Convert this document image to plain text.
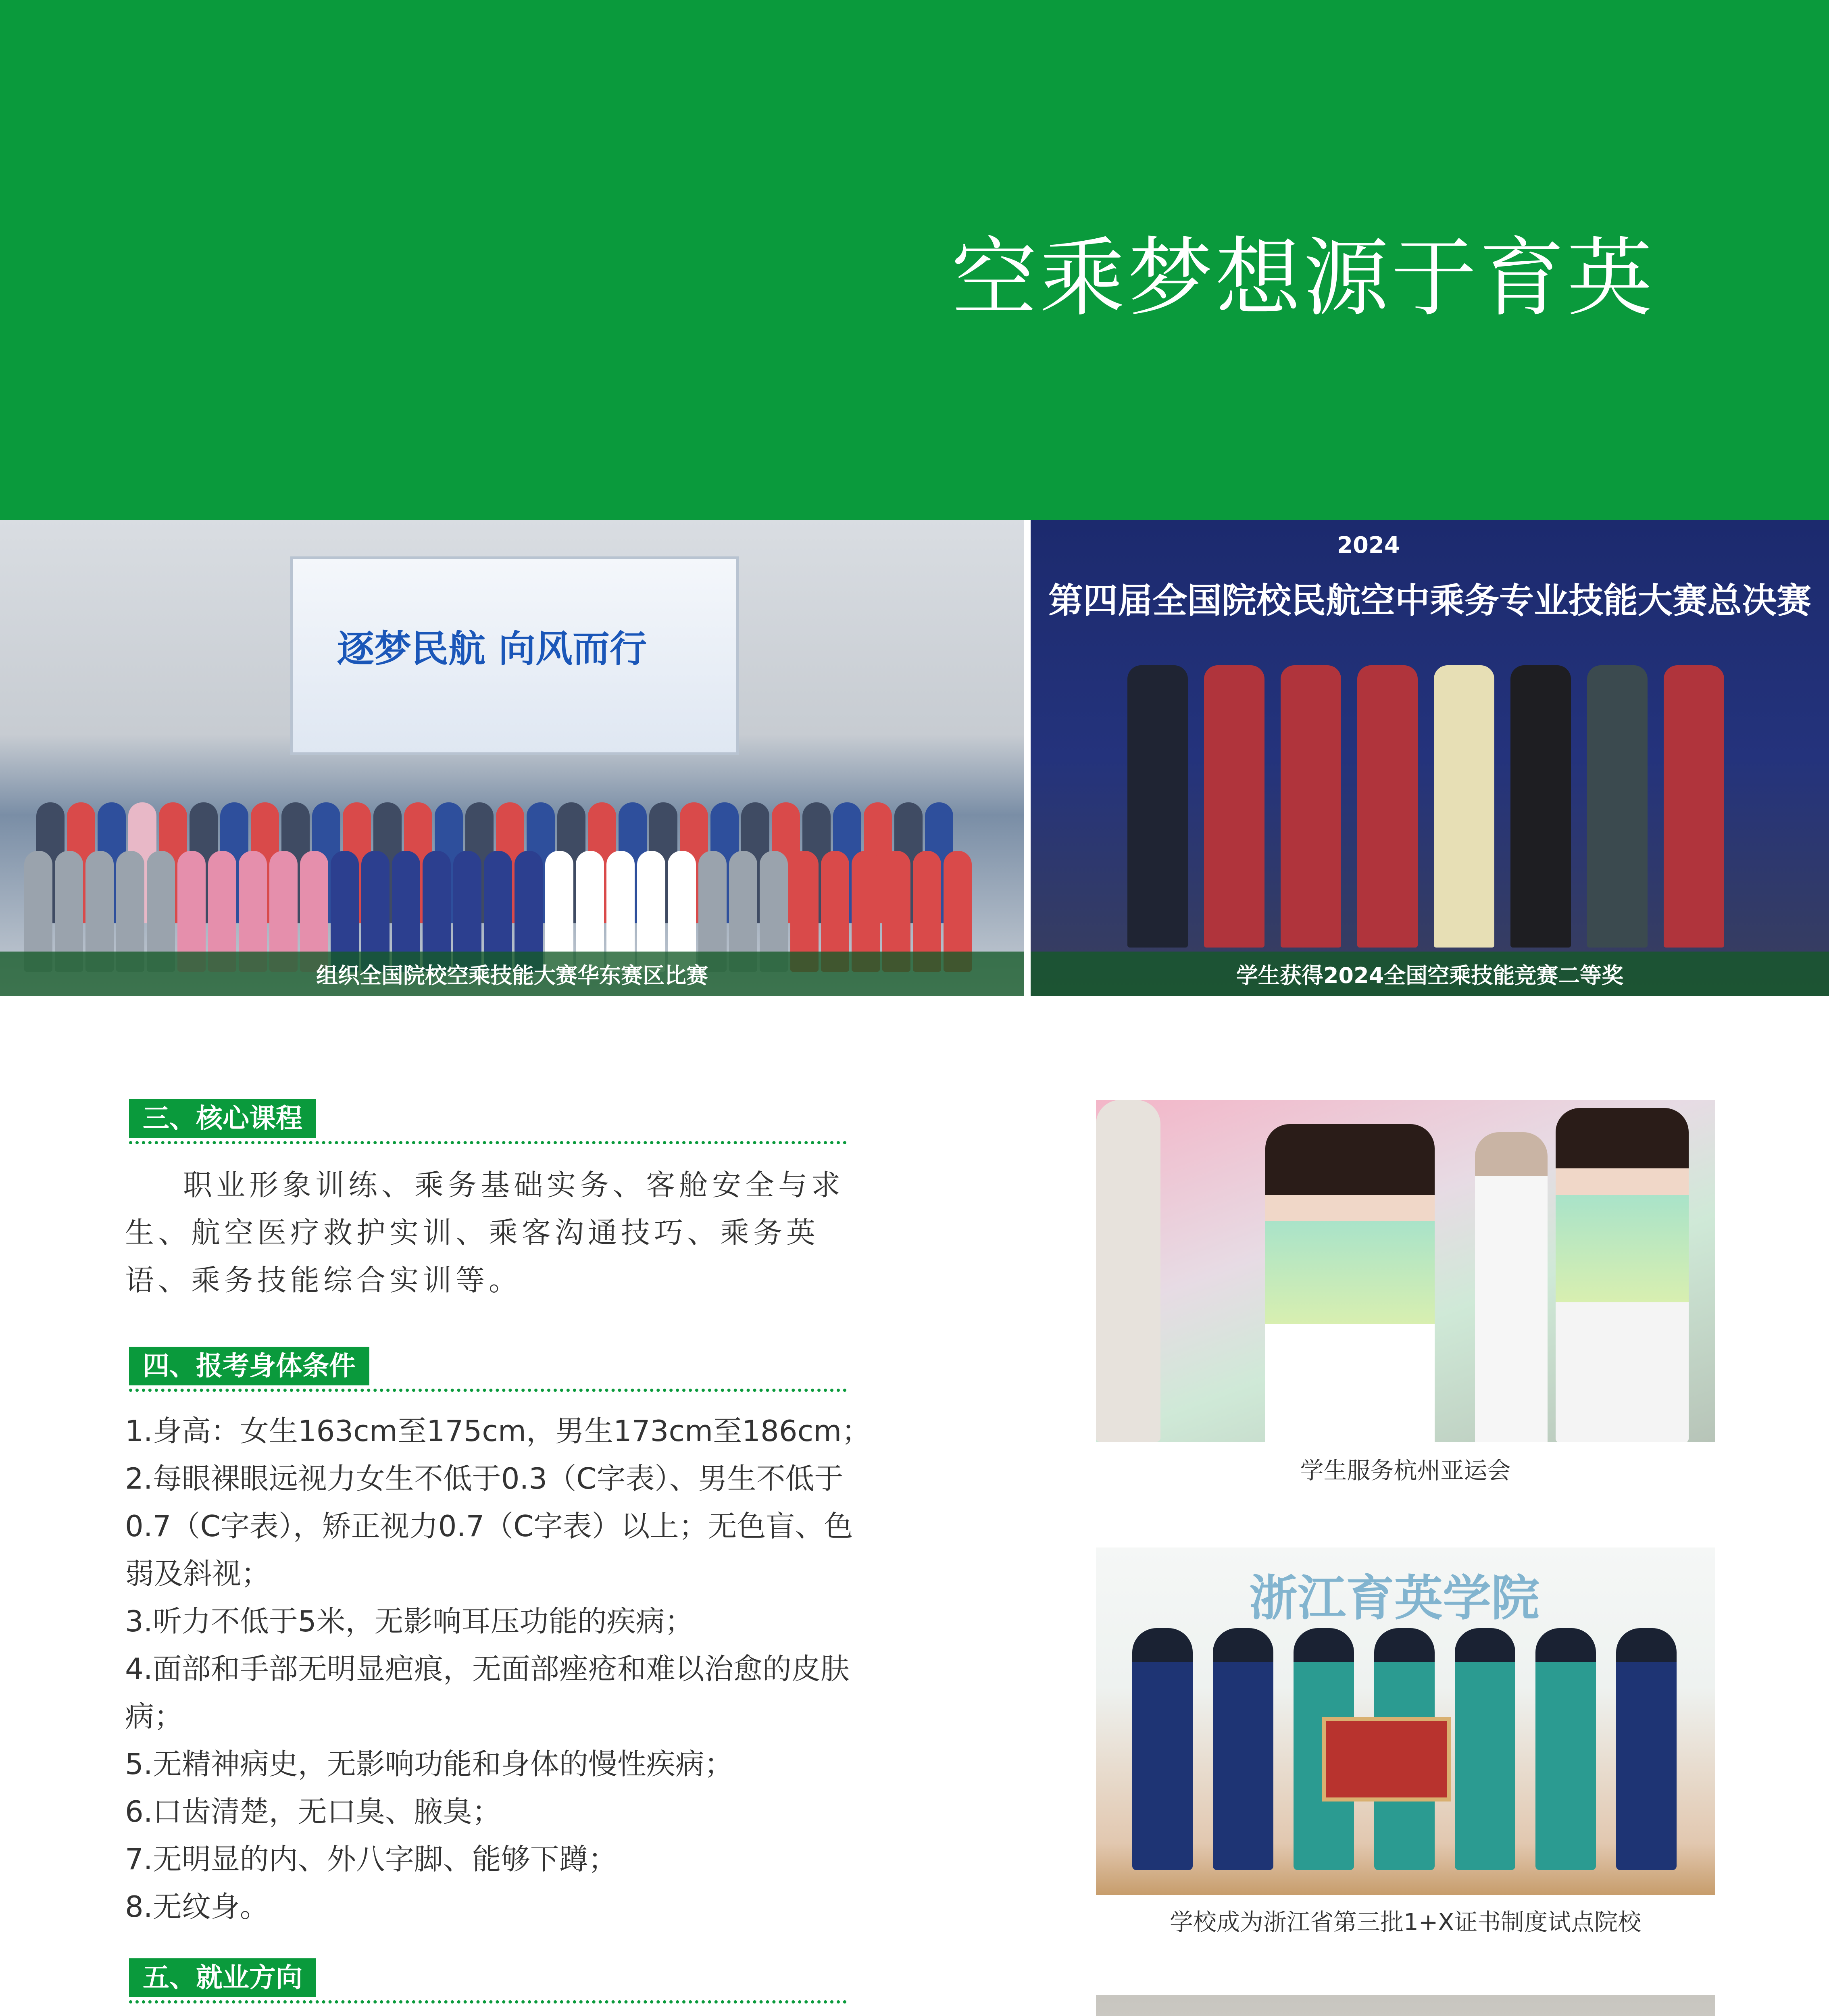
空乘梦想源于育英
逐梦民航 向风而行
组织全国院校空乘技能大赛华东赛区比赛
2024
第四届全国院校民航空中乘务专业技能大赛总决赛
学生获得2024全国空乘技能竞赛二等奖
三、核心课程

职业形象训练、乘务基础实务、客舱安全与求生、航空医疗救护实训、乘客沟通技巧、乘务英语、乘务技能综合实训等。

四、报考身体条件

1.身高：女生163cm至175cm，男生173cm至186cm；

2.每眼裸眼远视力女生不低于0.3（C字表）、男生不低于0.7（C字表），矫正视力0.7（C字表）以上；无色盲、色弱及斜视；

3.听力不低于5米，无影响耳压功能的疾病；

4.面部和手部无明显疤痕，无面部痤疮和难以治愈的皮肤病；

5.无精神病史，无影响功能和身体的慢性疾病；

6.口齿清楚，无口臭、腋臭；

7.无明显的内、外八字脚、能够下蹲；

8.无纹身。

五、就业方向

学生服务杭州亚运会
浙江育英学院
学校成为浙江省第三批1+X证书制度试点院校
